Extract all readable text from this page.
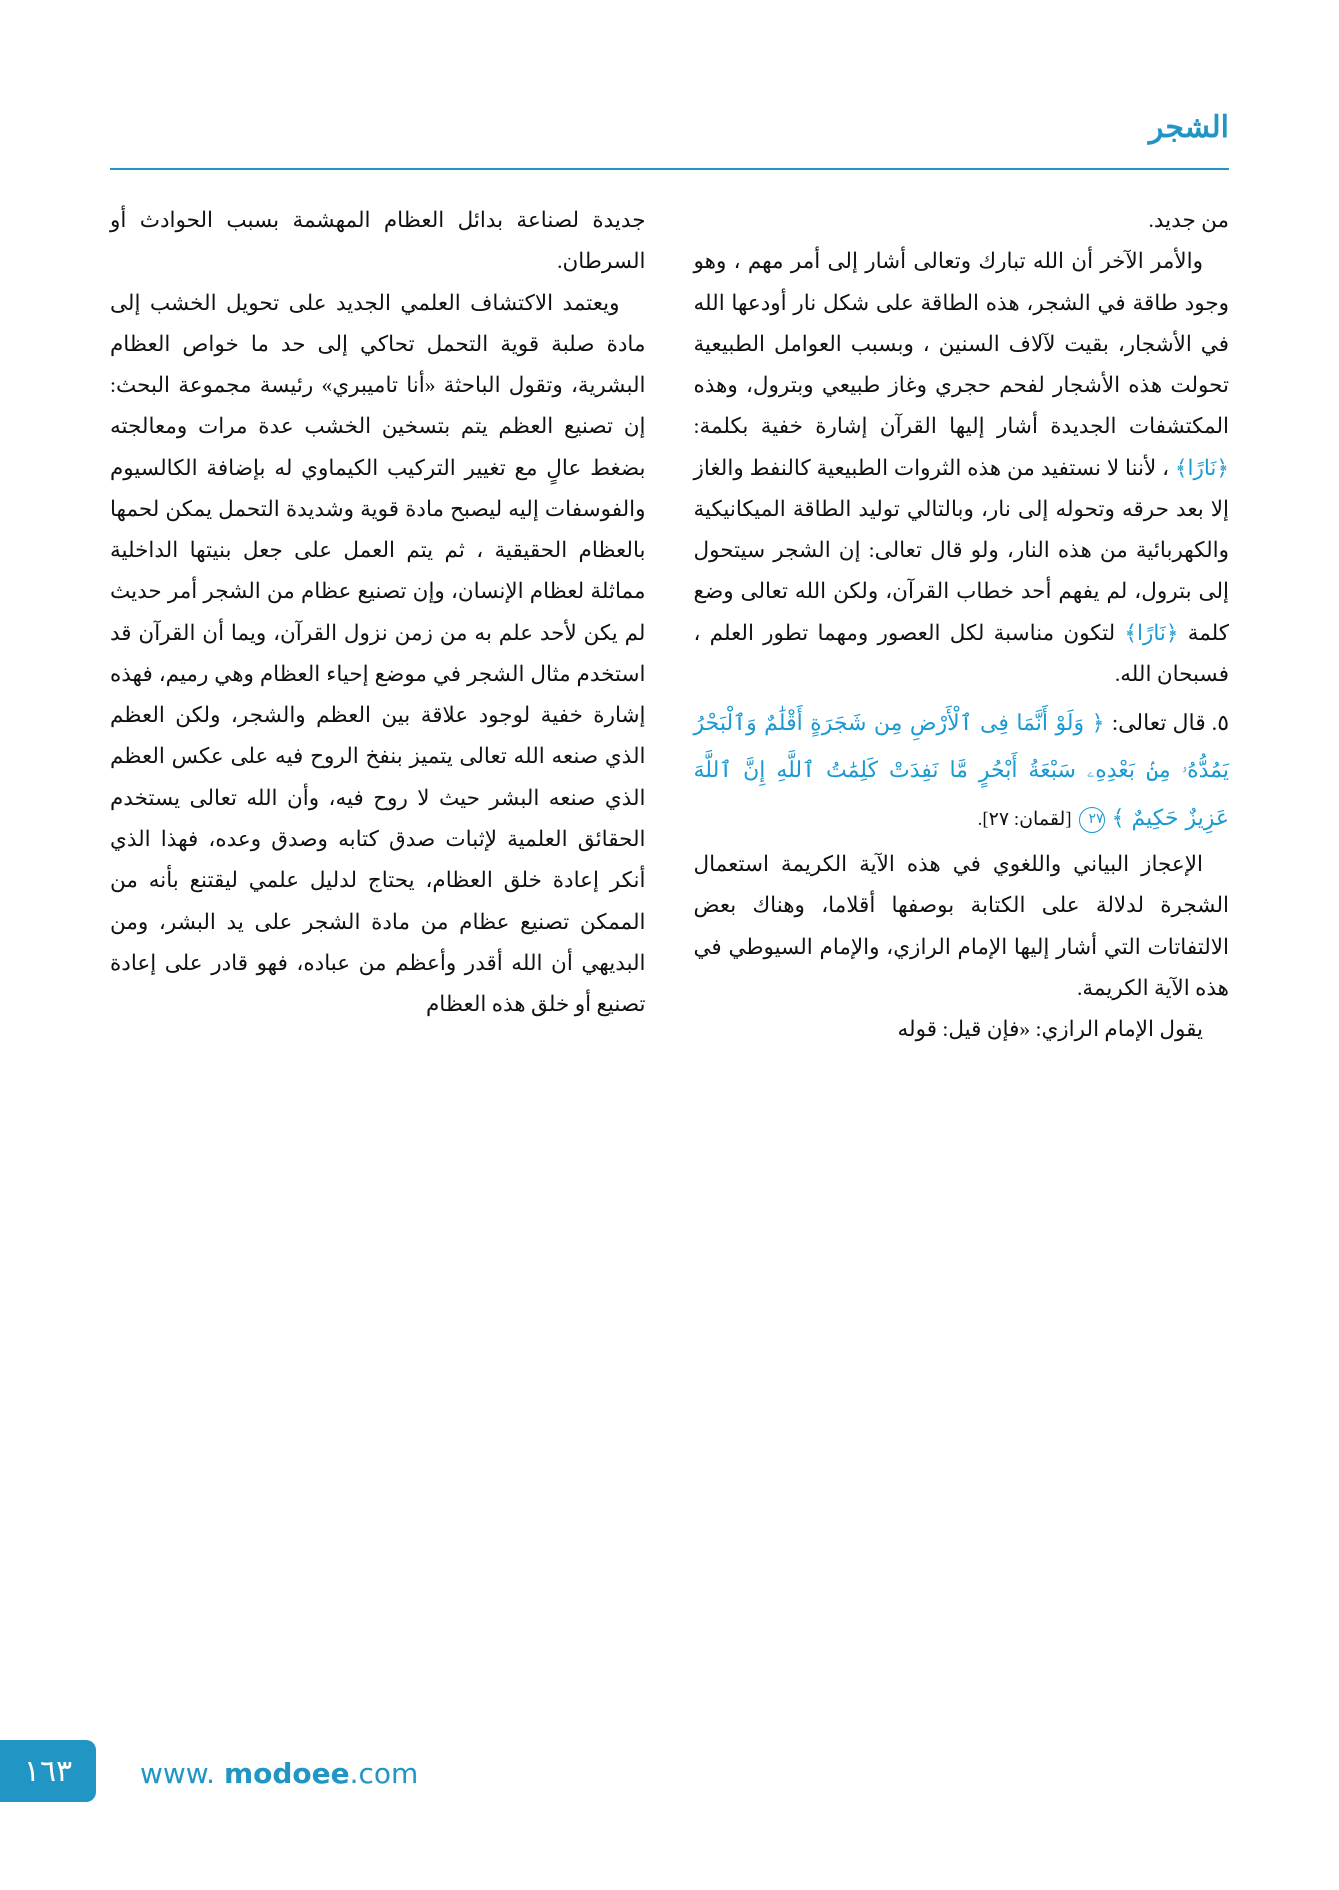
الشجر

من جديد.

والأمر الآخر أن الله تبارك وتعالى أشار إلى أمر مهم ، وهو وجود طاقة في الشجر، هذه الطاقة على شكل نار أودعها الله في الأشجار، بقيت لآلاف السنين ، وبسبب العوامل الطبيعية تحولت هذه الأشجار لفحم حجري وغاز طبيعي وبترول، وهذه المكتشفات الجديدة أشار إليها القرآن إشارة خفية بكلمة: ﴿نَارًا﴾ ، لأننا لا نستفيد من هذه الثروات الطبيعية كالنفط والغاز إلا بعد حرقه وتحوله إلى نار، وبالتالي توليد الطاقة الميكانيكية والكهربائية من هذه النار، ولو قال تعالى: إن الشجر سيتحول إلى بترول، لم يفهم أحد خطاب القرآن، ولكن الله تعالى وضع كلمة ﴿نَارًا﴾ لتكون مناسبة لكل العصور ومهما تطور العلم ، فسبحان الله.

٥. قال تعالى: ﴿ وَلَوْ أَنَّمَا فِى ٱلْأَرْضِ مِن شَجَرَةٍ أَقْلَٰمٌ وَٱلْبَحْرُ يَمُدُّهُۥ مِنۢ بَعْدِهِۦ سَبْعَةُ أَبْحُرٍ مَّا نَفِدَتْ كَلِمَٰتُ ٱللَّهِ إِنَّ ٱللَّهَ عَزِيزٌ حَكِيمٌ ﴾ ٢٧ [لقمان: ٢٧].

الإعجاز البياني واللغوي في هذه الآية الكريمة استعمال الشجرة لدلالة على الكتابة بوصفها أقلاما، وهناك بعض الالتفاتات التي أشار إليها الإمام الرازي، والإمام السيوطي في هذه الآية الكريمة.

يقول الإمام الرازي: «فإن قيل: قوله

جديدة لصناعة بدائل العظام المهشمة بسبب الحوادث أو السرطان.

ويعتمد الاكتشاف العلمي الجديد على تحويل الخشب إلى مادة صلبة قوية التحمل تحاكي إلى حد ما خواص العظام البشرية، وتقول الباحثة «أنا تاميبري» رئيسة مجموعة البحث: إن تصنيع العظم يتم بتسخين الخشب عدة مرات ومعالجته بضغط عالٍ مع تغيير التركيب الكيماوي له بإضافة الكالسيوم والفوسفات إليه ليصبح مادة قوية وشديدة التحمل يمكن لحمها بالعظام الحقيقية ، ثم يتم العمل على جعل بنيتها الداخلية مماثلة لعظام الإنسان، وإن تصنيع عظام من الشجر أمر حديث لم يكن لأحد علم به من زمن نزول القرآن، ويما أن القرآن قد استخدم مثال الشجر في موضع إحياء العظام وهي رميم، فهذه إشارة خفية لوجود علاقة بين العظم والشجر، ولكن العظم الذي صنعه الله تعالى يتميز بنفخ الروح فيه على عكس العظم الذي صنعه البشر حيث لا روح فيه، وأن الله تعالى يستخدم الحقائق العلمية لإثبات صدق كتابه وصدق وعده، فهذا الذي أنكر إعادة خلق العظام، يحتاج لدليل علمي ليقتنع بأنه من الممكن تصنيع عظام من مادة الشجر على يد البشر، ومن البديهي أن الله أقدر وأعظم من عباده، فهو قادر على إعادة تصنيع أو خلق هذه العظام

١٦٣	www. modoee.com
